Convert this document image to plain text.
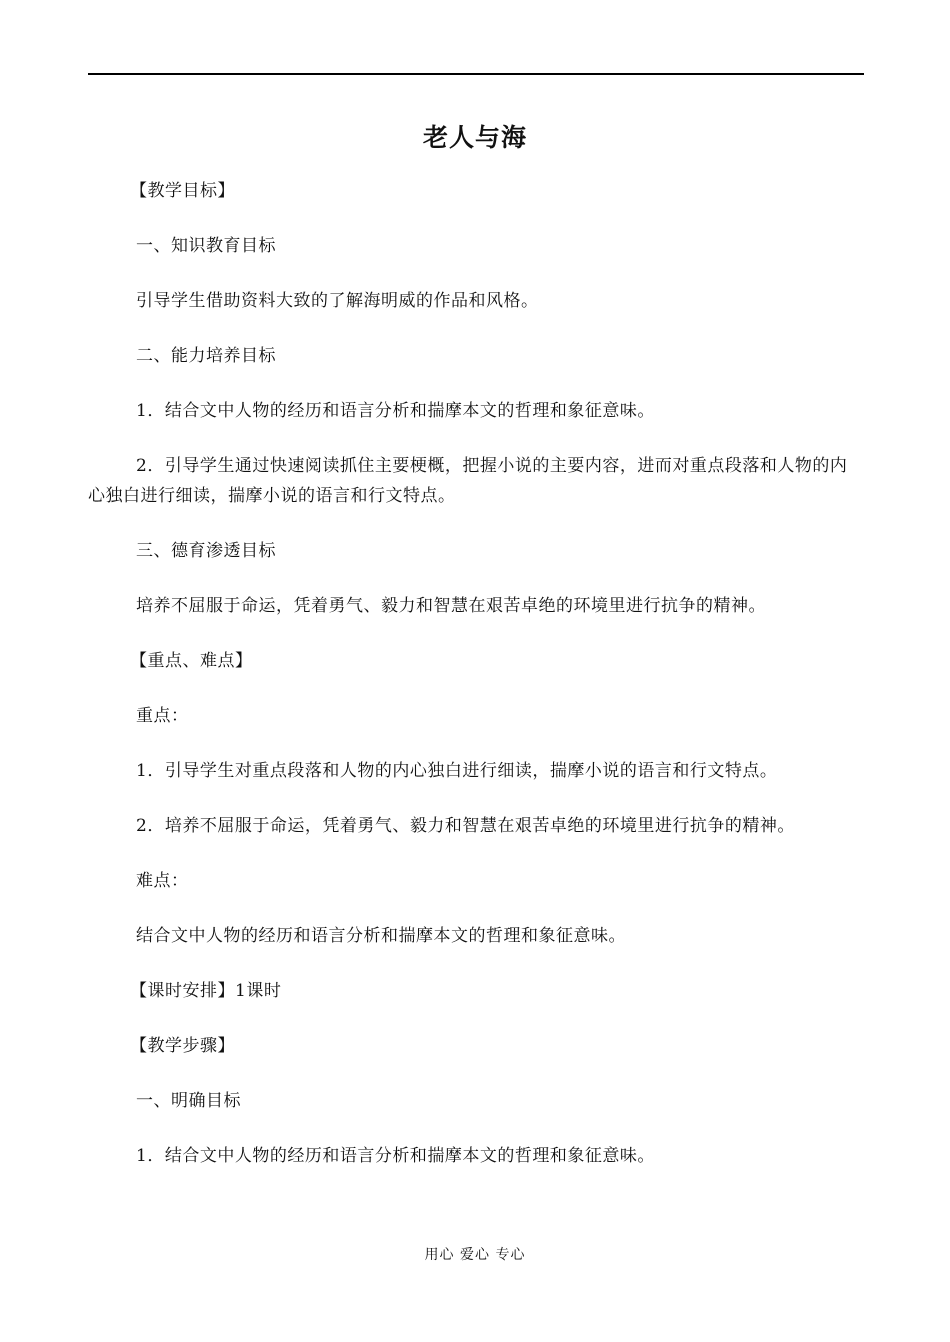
老人与海

【教学目标】

一、知识教育目标

引导学生借助资料大致的了解海明威的作品和风格。

二、能力培养目标

1．结合文中人物的经历和语言分析和揣摩本文的哲理和象征意味。

2．引导学生通过快速阅读抓住主要梗概，把握小说的主要内容，进而对重点段落和人物的内心独白进行细读，揣摩小说的语言和行文特点。

三、德育渗透目标

培养不屈服于命运，凭着勇气、毅力和智慧在艰苦卓绝的环境里进行抗争的精神。

【重点、难点】

重点：

1．引导学生对重点段落和人物的内心独白进行细读，揣摩小说的语言和行文特点。

2．培养不屈服于命运，凭着勇气、毅力和智慧在艰苦卓绝的环境里进行抗争的精神。

难点：

结合文中人物的经历和语言分析和揣摩本文的哲理和象征意味。

【课时安排】1课时

【教学步骤】

一、明确目标

1．结合文中人物的经历和语言分析和揣摩本文的哲理和象征意味。

用心 爱心 专心
